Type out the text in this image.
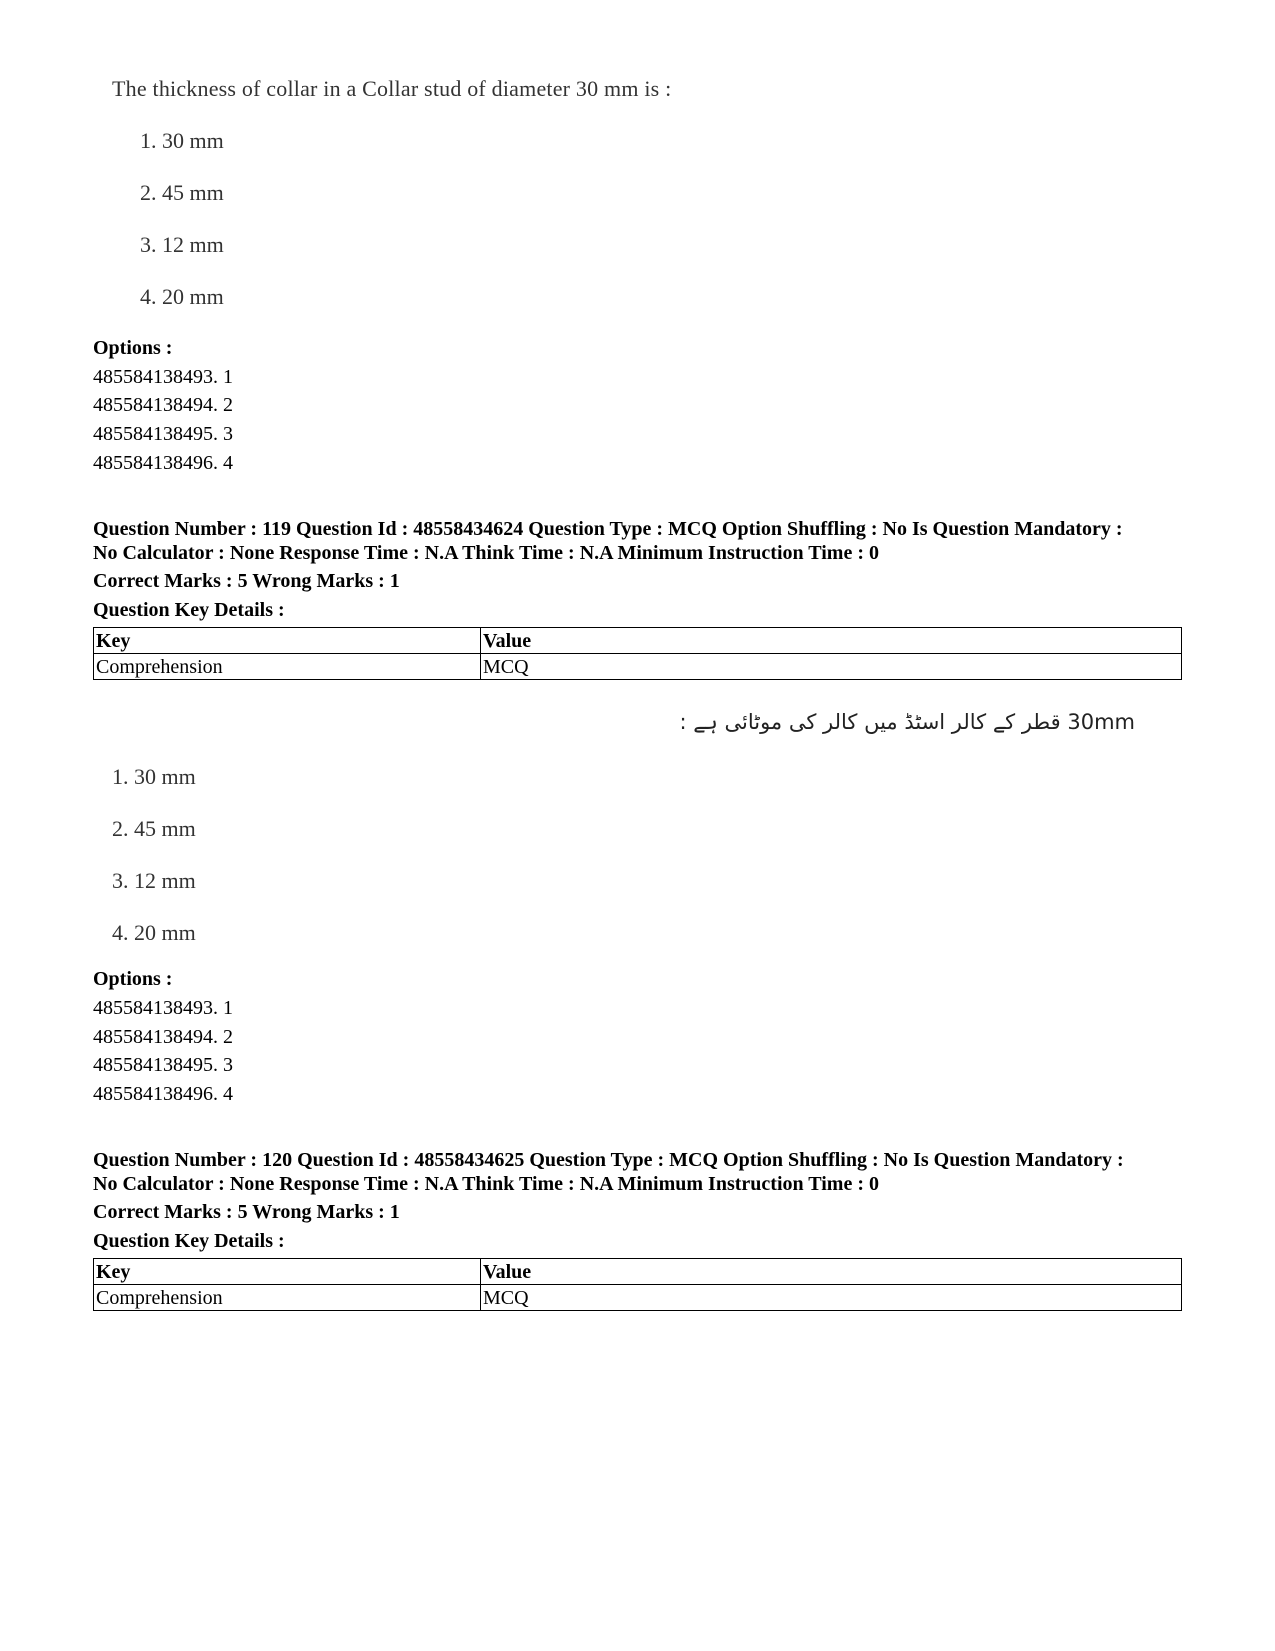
The thickness of collar in a Collar stud of diameter 30 mm is :
1. 30 mm
2. 45 mm
3. 12 mm
4. 20 mm
Options :
485584138493. 1
485584138494. 2
485584138495. 3
485584138496. 4
Question Number : 119 Question Id : 48558434624 Question Type : MCQ Option Shuffling : No Is Question Mandatory :
No Calculator : None Response Time : N.A Think Time : N.A Minimum Instruction Time : 0
Correct Marks : 5 Wrong Marks : 1
Question Key Details :
Key	Value
Comprehension	MCQ
30mm قطر کے کالر اسٹڈ میں کالر کی موٹائی ہے :
1. 30 mm
2. 45 mm
3. 12 mm
4. 20 mm
Options :
485584138493. 1
485584138494. 2
485584138495. 3
485584138496. 4
Question Number : 120 Question Id : 48558434625 Question Type : MCQ Option Shuffling : No Is Question Mandatory :
No Calculator : None Response Time : N.A Think Time : N.A Minimum Instruction Time : 0
Correct Marks : 5 Wrong Marks : 1
Question Key Details :
Key	Value
Comprehension	MCQ
